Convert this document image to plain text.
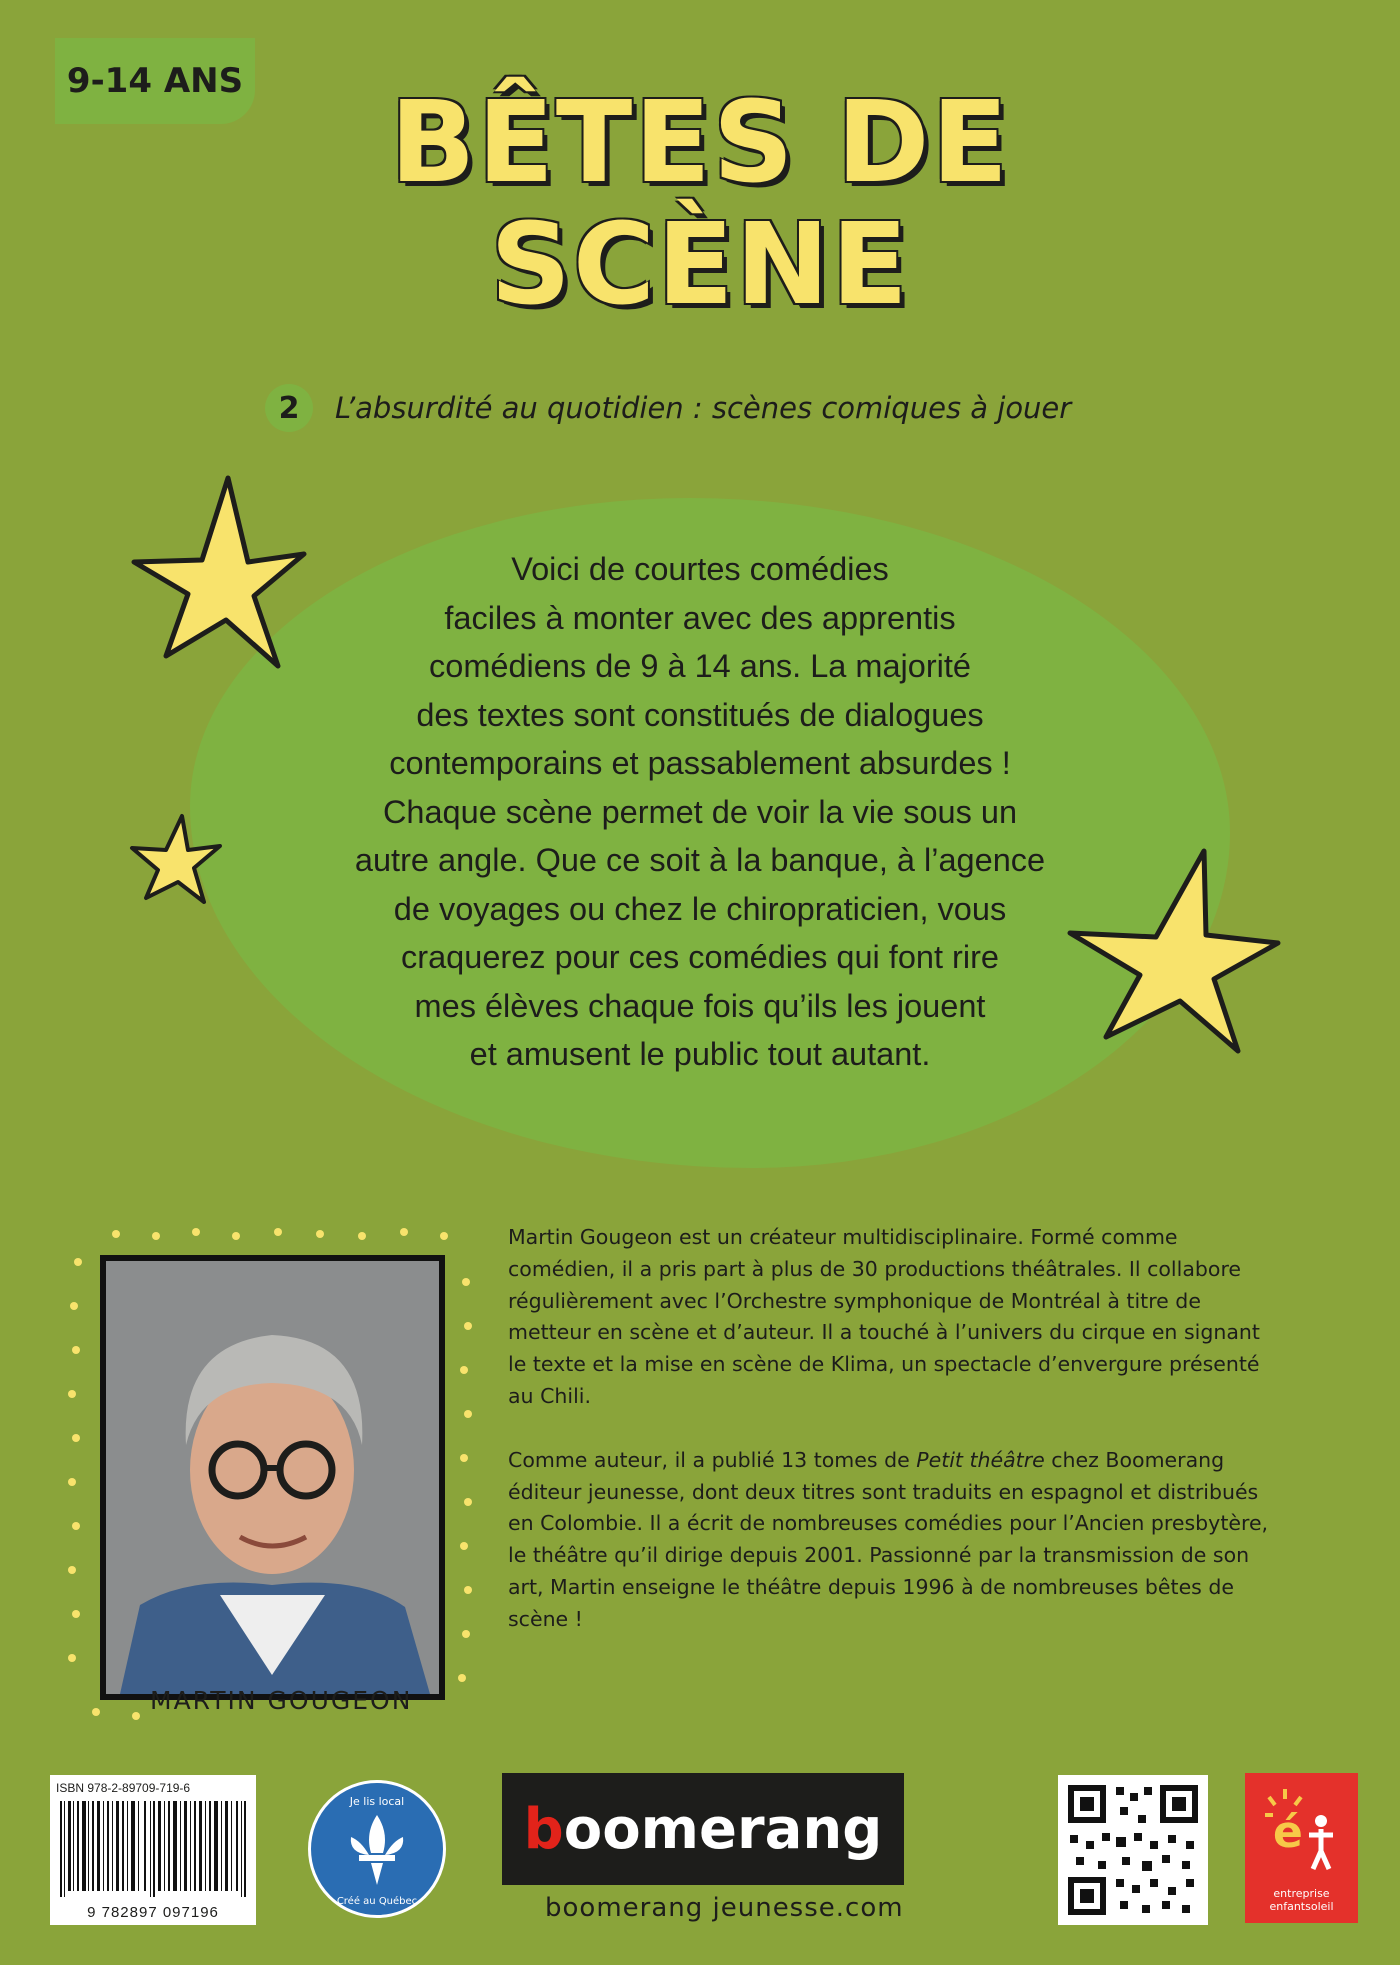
9-14 ANS	BÊTES DE
SCÈNE
2	L’absurdité au quotidien : scènes comiques à jouer

Voici de courtes comédies

faciles à monter avec des apprentis

comédiens de 9 à 14 ans. La majorité

des textes sont constitués de dialogues

contemporains et passablement absurdes !

Chaque scène permet de voir la vie sous un

autre angle. Que ce soit à la banque, à l’agence

de voyages ou chez le chiropraticien, vous

craquerez pour ces comédies qui font rire

mes élèves chaque fois qu’ils les jouent

et amusent le public tout autant.

MARTIN GOUGEON

Martin Gougeon est un créateur multidisciplinaire. Formé comme comédien, il a pris part à plus de 30 productions théâtrales. Il collabore régulièrement avec l’Orchestre symphonique de Montréal à titre de metteur en scène et d’auteur. Il a touché à l’univers du cirque en signant le texte et la mise en scène de Klima, un spectacle d’envergure présenté au Chili.

Comme auteur, il a publié 13 tomes de Petit théâtre chez Boomerang éditeur jeunesse, dont deux titres sont traduits en espagnol et distribués en Colombie. Il a écrit de nombreuses comédies pour l’Ancien presbytère, le théâtre qu’il dirige depuis 2001. Passionné par la transmission de son art, Martin enseigne le théâtre depuis 1996 à de nombreuses bêtes de scène !

ISBN 978-2-89709-719-6
9 782897 097196
Je lis local
Créé au Québec
b oomerang
boomerang jeunesse.com
é
entreprise
enfantsoleil
